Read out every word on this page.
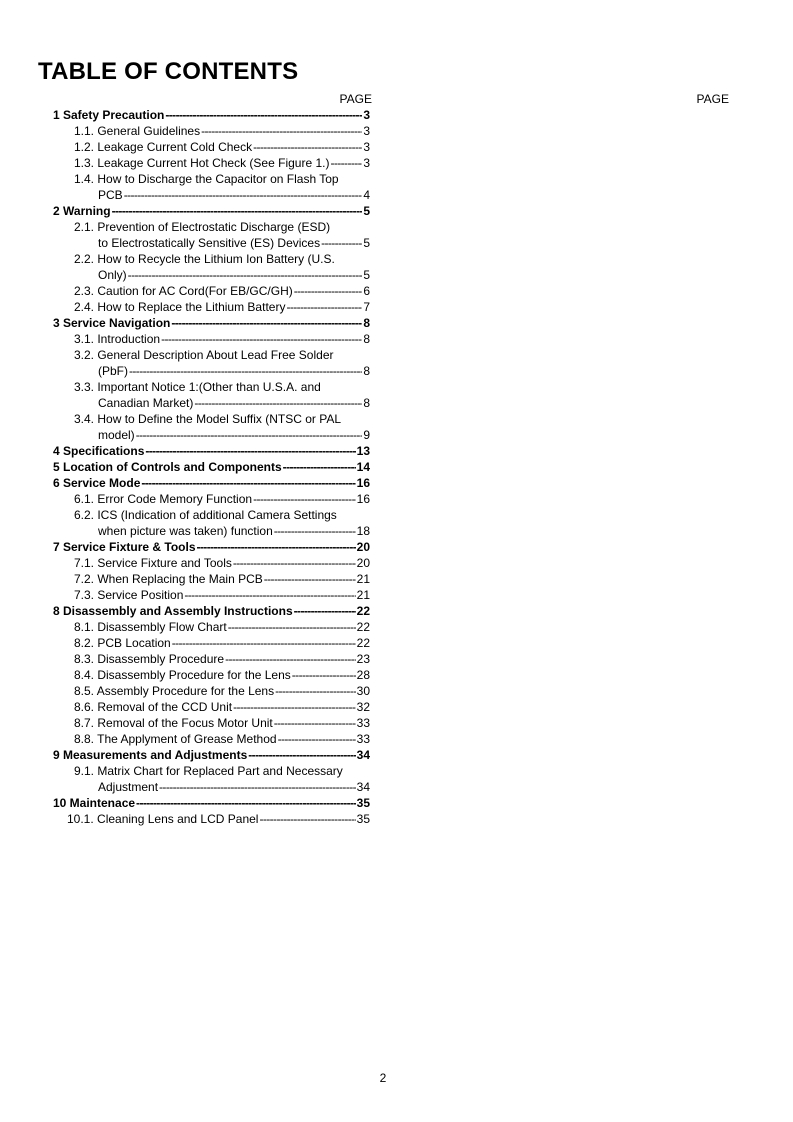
TABLE OF CONTENTS
PAGE	PAGE
1 Safety Precaution -----	3
1.1. General Guidelines -----	3
1.2. Leakage Current Cold Check -----	3
1.3. Leakage Current Hot Check (See Figure 1.) -----	3
1.4. How to Discharge the Capacitor on Flash Top
PCB -----	4
2 Warning -----	5
2.1. Prevention of Electrostatic Discharge (ESD)
to Electrostatically Sensitive (ES) Devices -----	5
2.2. How to Recycle the Lithium Ion Battery (U.S.
Only) -----	5
2.3. Caution for AC Cord(For EB/GC/GH) -----	6
2.4. How to Replace the Lithium Battery -----	7
3 Service Navigation -----	8
3.1. Introduction -----	8
3.2. General Description About Lead Free Solder
(PbF) -----	8
3.3. Important Notice 1:(Other than U.S.A. and
Canadian Market) -----	8
3.4. How to Define the Model Suffix (NTSC or PAL
model) -----	9
4 Specifications -----	13
5 Location of Controls and Components -----	14
6 Service Mode -----	16
6.1. Error Code Memory Function -----	16
6.2. ICS (Indication of additional Camera Settings
when picture was taken) function -----	18
7 Service Fixture & Tools -----	20
7.1. Service Fixture and Tools -----	20
7.2. When Replacing the Main PCB -----	21
7.3. Service Position -----	21
8 Disassembly and Assembly Instructions -----	22
8.1. Disassembly Flow Chart -----	22
8.2. PCB Location -----	22
8.3. Disassembly Procedure -----	23
8.4. Disassembly Procedure for the Lens -----	28
8.5. Assembly Procedure for the Lens -----	30
8.6. Removal of the CCD Unit -----	32
8.7. Removal of the Focus Motor Unit -----	33
8.8. The Applyment of Grease Method -----	33
9 Measurements and Adjustments -----	34
9.1. Matrix Chart for Replaced Part and Necessary
Adjustment -----	34
10 Maintenace -----	35
10.1. Cleaning Lens and LCD Panel -----	35
2
